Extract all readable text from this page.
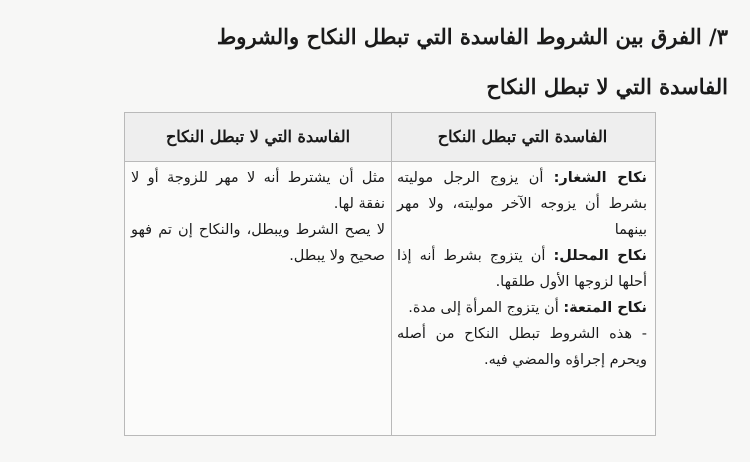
٣/ الفرق بين الشروط الفاسدة التي تبطل النكاح والشروط
الفاسدة التي لا تبطل النكاح
الفاسدة التي تبطل النكاح
الفاسدة التي لا تبطل النكاح

نكاح الشغار: أن يزوج الرجل موليته بشرط أن يزوجه الآخر موليته، ولا مهر بينهما

نكاح المحلل: أن يتزوج بشرط أنه إذا أحلها لزوجها الأول طلقها.

نكاح المتعة: أن يتزوج المرأة إلى مدة.

- هذه الشروط تبطل النكاح من أصله ويحرم إجراؤه والمضي فيه.

مثل أن يشترط أنه لا مهر للزوجة أو لا نفقة لها.

لا يصح الشرط ويبطل، والنكاح إن تم فهو صحيح ولا يبطل.
